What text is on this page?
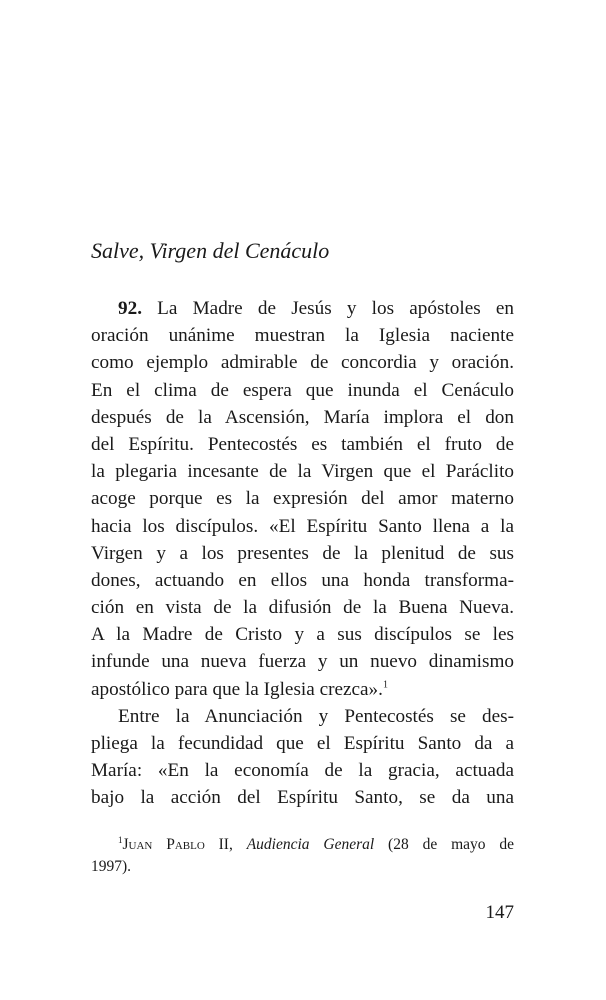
Salve, Virgen del Cenáculo
92. La Madre de Jesús y los apóstoles en
oración unánime muestran la Iglesia naciente
como ejemplo admirable de concordia y oración.
En el clima de espera que inunda el Cenáculo
después de la Ascensión, María implora el don
del Espíritu. Pentecostés es también el fruto de
la plegaria incesante de la Virgen que el Paráclito
acoge porque es la expresión del amor materno
hacia los discípulos. «El Espíritu Santo llena a la
Virgen y a los presentes de la plenitud de sus
dones, actuando en ellos una honda transforma-
ción en vista de la difusión de la Buena Nueva.
A la Madre de Cristo y a sus discípulos se les
infunde una nueva fuerza y un nuevo dinamismo
apostólico para que la Iglesia crezca».$^1$
Entre la Anunciación y Pentecostés se des-
pliega la fecundidad que el Espíritu Santo da a
María: «En la economía de la gracia, actuada
bajo la acción del Espíritu Santo, se da una
$^1$Juan Pablo II, Audiencia General (28 de mayo de
1997).
147
